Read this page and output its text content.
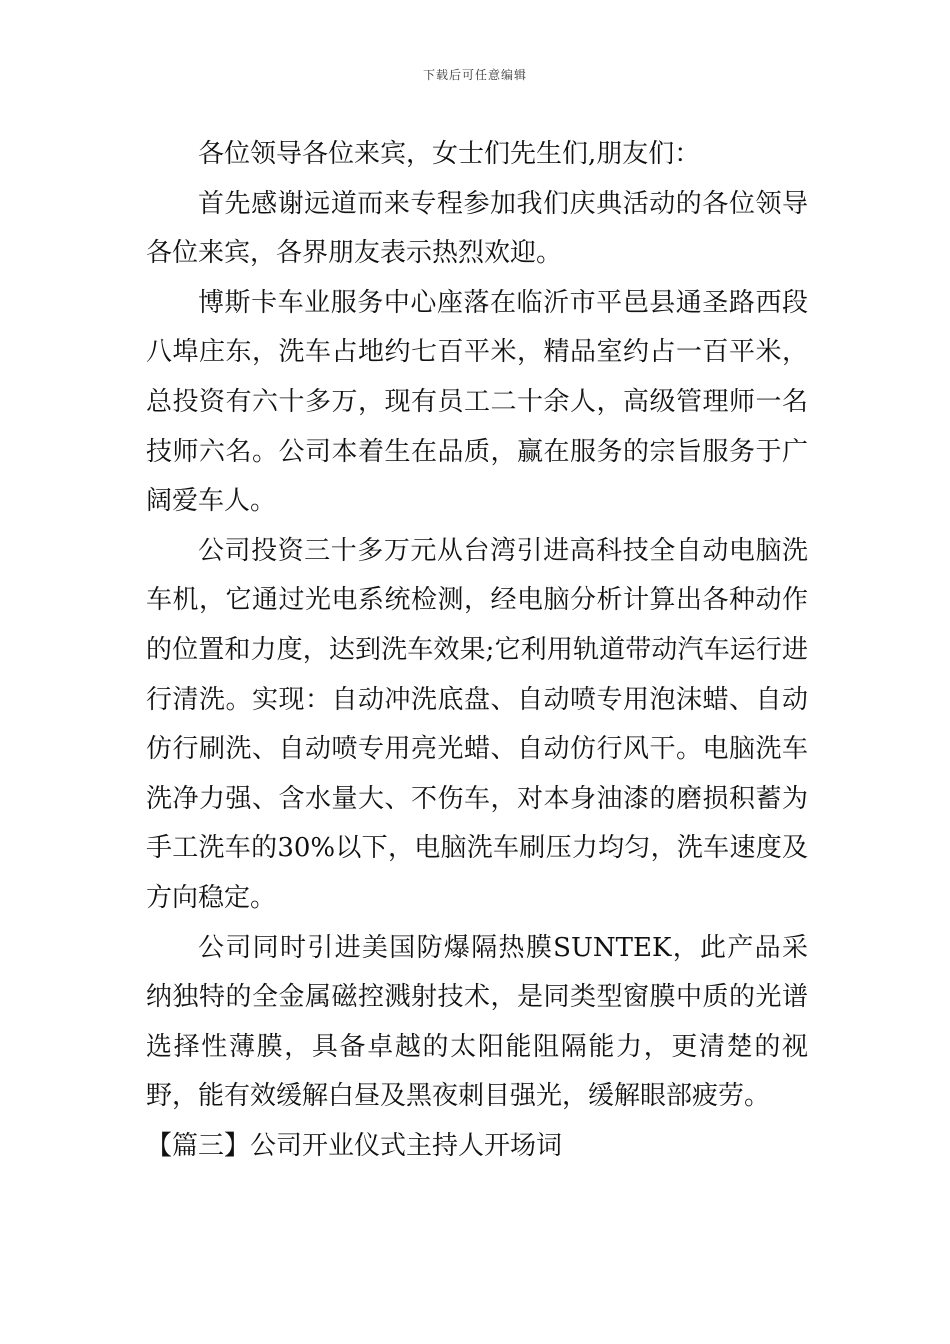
下载后可任意编辑

各位领导各位来宾，女士们先生们,朋友们：

首先感谢远道而来专程参加我们庆典活动的各位领导各位来宾，各界朋友表示热烈欢迎。

博斯卡车业服务中心座落在临沂市平邑县通圣路西段八埠庄东，洗车占地约七百平米，精品室约占一百平米，总投资有六十多万，现有员工二十余人，高级管理师一名技师六名。公司本着生在品质，赢在服务的宗旨服务于广阔爱车人。

公司投资三十多万元从台湾引进高科技全自动电脑洗车机，它通过光电系统检测，经电脑分析计算出各种动作的位置和力度，达到洗车效果;它利用轨道带动汽车运行进行清洗。实现：自动冲洗底盘、自动喷专用泡沫蜡、自动仿行刷洗、自动喷专用亮光蜡、自动仿行风干。电脑洗车洗净力强、含水量大、不伤车，对本身油漆的磨损积蓄为手工洗车的30%以下，电脑洗车刷压力均匀，洗车速度及方向稳定。

公司同时引进美国防爆隔热膜SUNTEK，此产品采纳独特的全金属磁控溅射技术，是同类型窗膜中质的光谱选择性薄膜，具备卓越的太阳能阻隔能力，更清楚的视野，能有效缓解白昼及黑夜刺目强光，缓解眼部疲劳。

【篇三】公司开业仪式主持人开场词
